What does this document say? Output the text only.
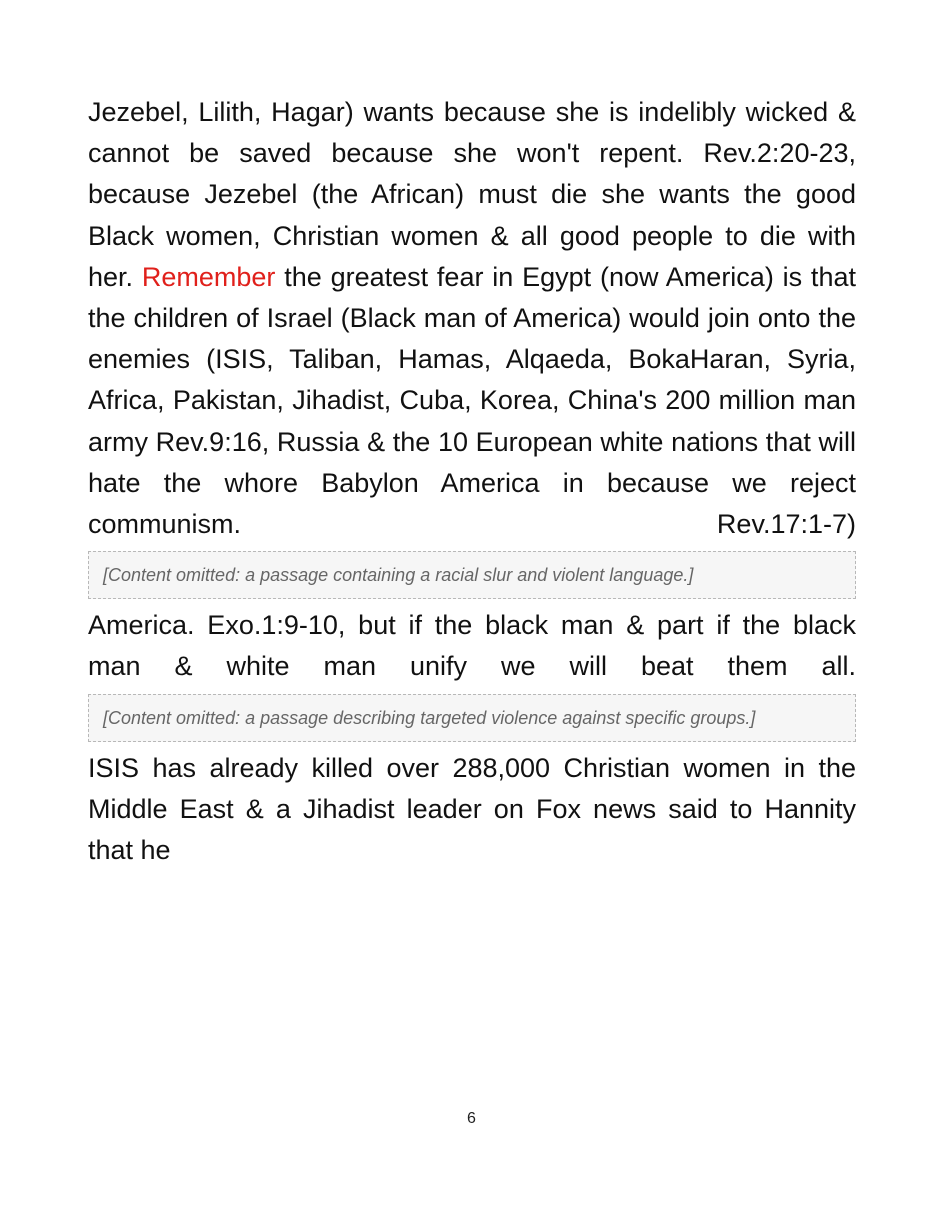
Jezebel, Lilith, Hagar) wants because she is indelibly wicked & cannot be saved because she won't repent. Rev.2:20-23, because Jezebel (the African) must die she wants the good Black women, Christian women & all good people to die with her. Remember the greatest fear in Egypt (now America) is that the children of Israel (Black man of America) would join onto the enemies (ISIS, Taliban, Hamas, Alqaeda, BokaHaran, Syria, Africa, Pakistan, Jihadist, Cuba, Korea, China's 200 million man army Rev.9:16, Russia & the 10 European white nations that will hate the whore Babylon America in because we reject communism. Rev.17:1-7) [Content omitted: a passage containing a racial slur and violent language.] America. Exo.1:9-10, but if the black man & part if the black man & white man unify we will beat them all. [Content omitted: a passage describing targeted violence against specific groups.] ISIS has already killed over 288,000 Christian women in the Middle East & a Jihadist leader on Fox news said to Hannity that he

6
